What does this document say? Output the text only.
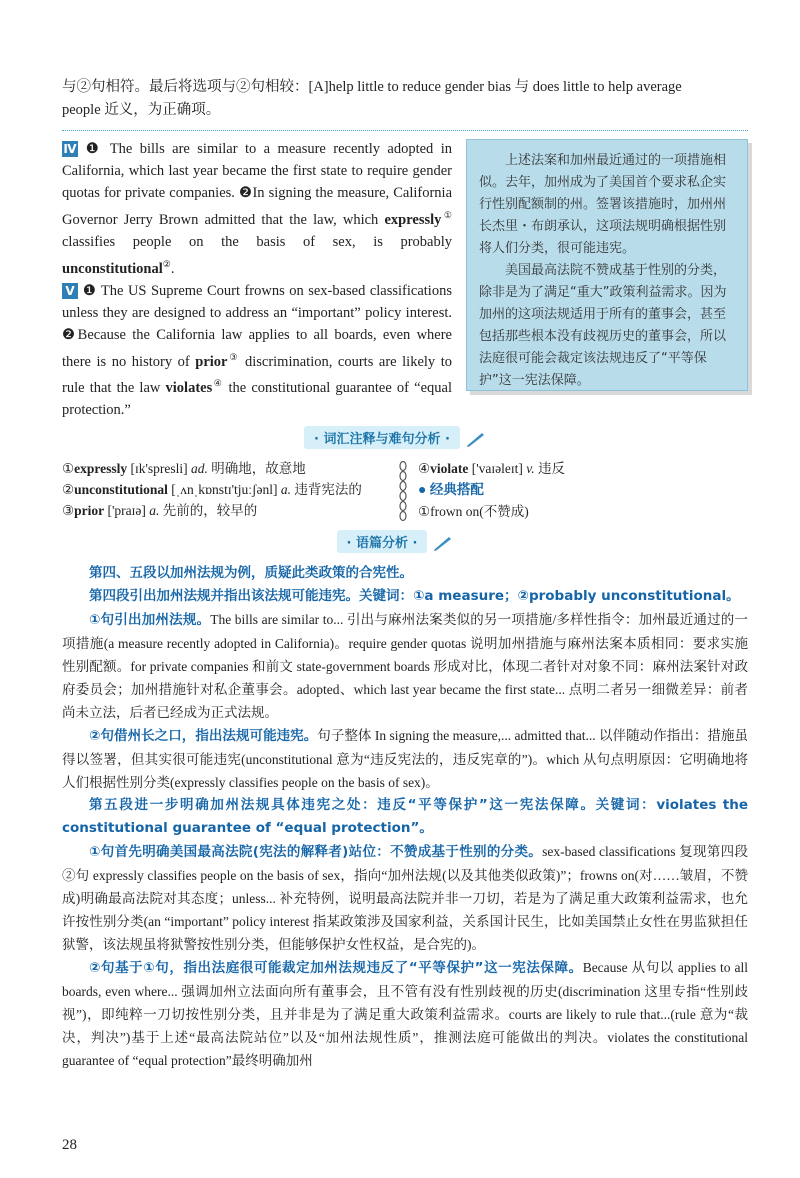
与②句相符。最后将选项与②句相较：[A]help little to reduce gender bias 与 does little to help average

people 近义，为正确项。

Ⅳ ❶ The bills are similar to a measure recently adopted in California, which last year became the first state to require gender quotas for private companies. ❷In signing the measure, California Governor Jerry Brown admitted that the law, which expressly① classifies people on the basis of sex, is probably unconstitutional②.

Ⅴ ❶ The US Supreme Court frowns on sex-based classifications unless they are designed to address an “important” policy interest. ❷Because the California law applies to all boards, even where there is no history of prior③ discrimination, courts are likely to rule that the law violates④ the constitutional guarantee of “equal protection.”

上述法案和加州最近通过的一项措施相似。去年，加州成为了美国首个要求私企实行性别配额制的州。签署该措施时，加州州长杰里・布朗承认，这项法规明确根据性别将人们分类，很可能违宪。

美国最高法院不赞成基于性别的分类，除非是为了满足“重大”政策利益需求。因为加州的这项法规适用于所有的董事会，甚至包括那些根本没有歧视历史的董事会，所以法庭很可能会裁定该法规违反了“平等保护”这一宪法保障。

· 词汇注释与难句分析 ·
①expressly [ɪk'spresli] ad. 明确地，故意地
②unconstitutional [ˌʌnˌkɒnstɪ'tjuːʃənl] a. 违背宪法的
③prior ['praɪə] a. 先前的，较早的
④violate ['vaɪəleɪt] v. 违反
● 经典搭配
①frown on(不赞成)
· 语篇分析 ·
第四、五段以加州法规为例，质疑此类政策的合宪性。
第四段引出加州法规并指出该法规可能违宪。关键词：①a measure；②probably unconstitutional。
①句引出加州法规。The bills are similar to... 引出与麻州法案类似的另一项措施/多样性指令：加州最近通过的一项措施(a measure recently adopted in California)。require gender quotas 说明加州措施与麻州法案本质相同：要求实施性别配额。for private companies 和前文 state-government boards 形成对比，体现二者针对对象不同：麻州法案针对政府委员会；加州措施针对私企董事会。adopted、which last year became the first state... 点明二者另一细微差异：前者尚未立法，后者已经成为正式法规。
②句借州长之口，指出法规可能违宪。句子整体 In signing the measure,... admitted that... 以伴随动作指出：措施虽得以签署，但其实很可能违宪(unconstitutional 意为“违反宪法的，违反宪章的”)。which 从句点明原因：它明确地将人们根据性别分类(expressly classifies people on the basis of sex)。
第五段进一步明确加州法规具体违宪之处：违反“平等保护”这一宪法保障。关键词：violates the constitutional guarantee of “equal protection”。
①句首先明确美国最高法院(宪法的解释者)站位：不赞成基于性别的分类。sex-based classifications 复现第四段②句 expressly classifies people on the basis of sex，指向“加州法规(以及其他类似政策)”；frowns on(对……皱眉，不赞成)明确最高法院对其态度；unless... 补充特例，说明最高法院并非一刀切，若是为了满足重大政策利益需求，也允许按性别分类(an “important” policy interest 指某政策涉及国家利益，关系国计民生，比如美国禁止女性在男监狱担任狱警，该法规虽将狱警按性别分类，但能够保护女性权益，是合宪的)。
②句基于①句，指出法庭很可能裁定加州法规违反了“平等保护”这一宪法保障。Because 从句以 applies to all boards, even where... 强调加州立法面向所有董事会，且不管有没有性别歧视的历史(discrimination 这里专指“性别歧视”)，即纯粹一刀切按性别分类，且并非是为了满足重大政策利益需求。courts are likely to rule that...(rule 意为“裁决，判决”)基于上述“最高法院站位”以及“加州法规性质”，推测法庭可能做出的判决。violates the constitutional guarantee of “equal protection”最终明确加州
28
